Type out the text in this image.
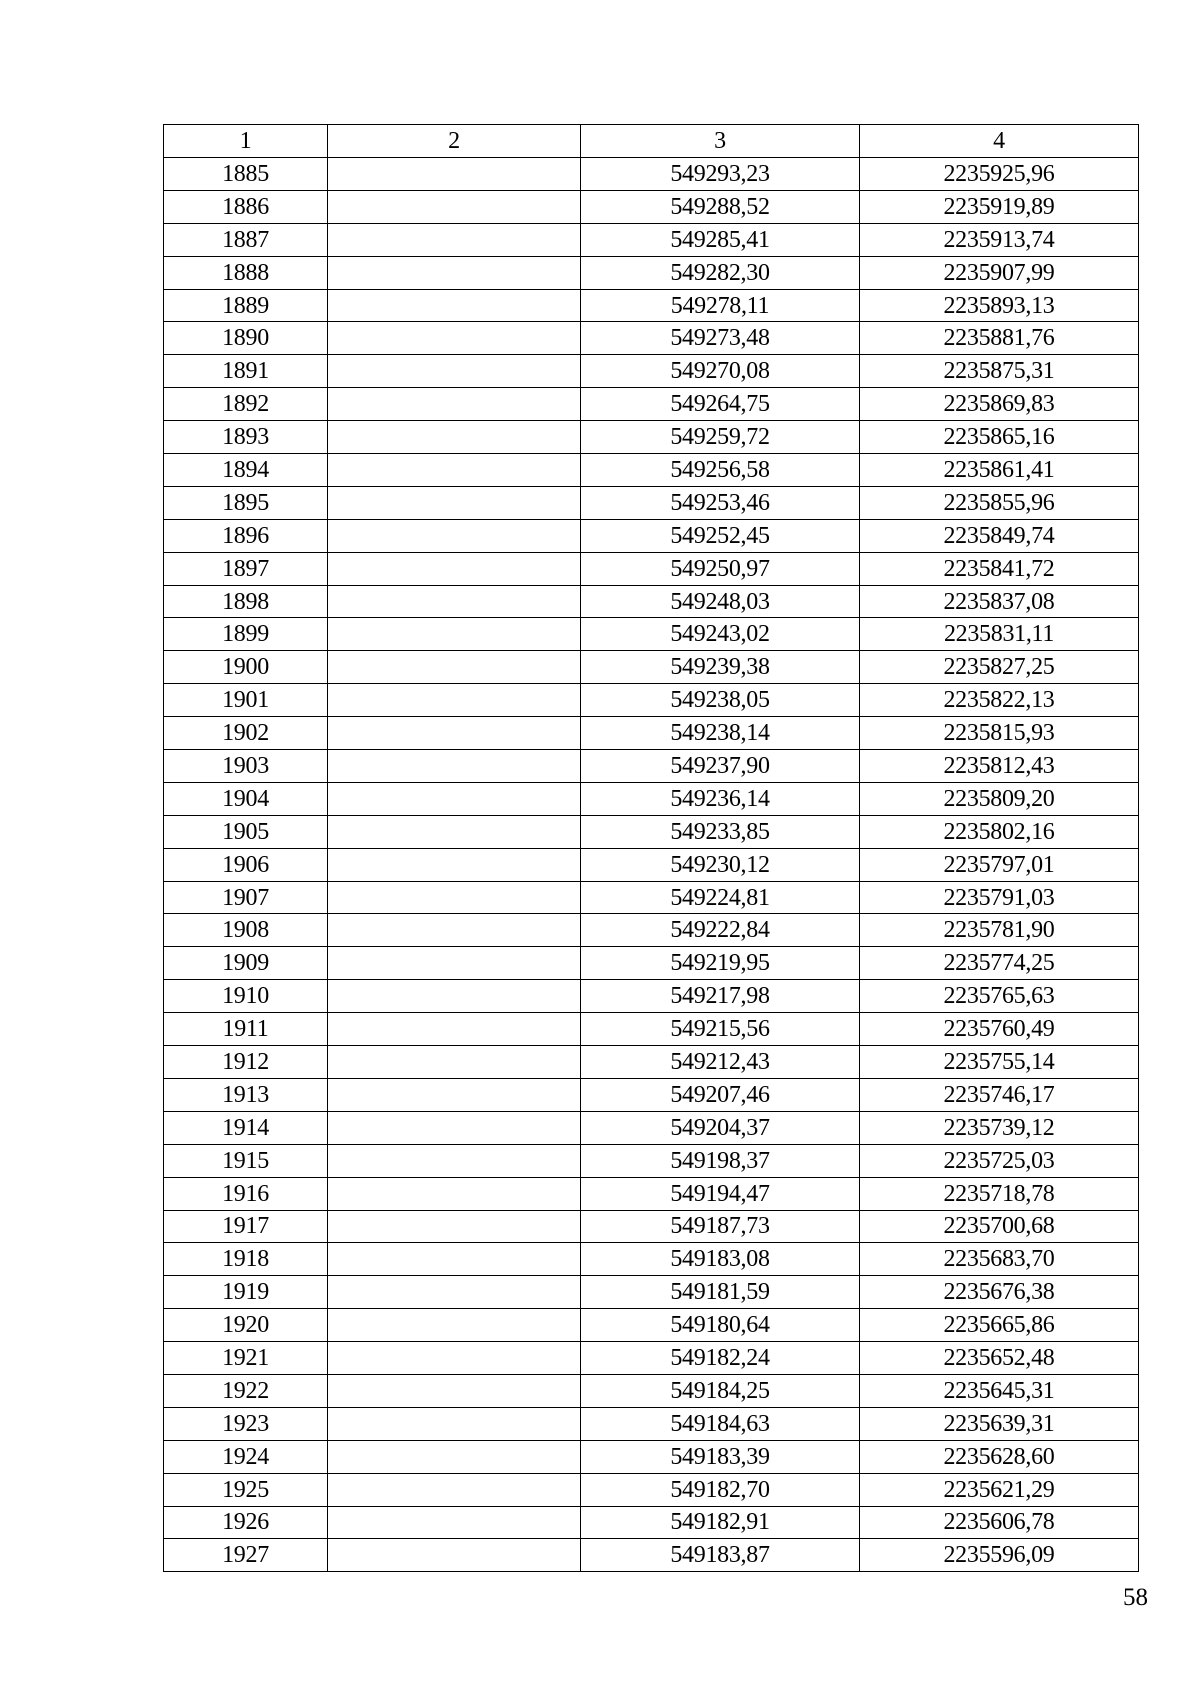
1	2	3	4
1885		549293,23	2235925,96
1886		549288,52	2235919,89
1887		549285,41	2235913,74
1888		549282,30	2235907,99
1889		549278,11	2235893,13
1890		549273,48	2235881,76
1891		549270,08	2235875,31
1892		549264,75	2235869,83
1893		549259,72	2235865,16
1894		549256,58	2235861,41
1895		549253,46	2235855,96
1896		549252,45	2235849,74
1897		549250,97	2235841,72
1898		549248,03	2235837,08
1899		549243,02	2235831,11
1900		549239,38	2235827,25
1901		549238,05	2235822,13
1902		549238,14	2235815,93
1903		549237,90	2235812,43
1904		549236,14	2235809,20
1905		549233,85	2235802,16
1906		549230,12	2235797,01
1907		549224,81	2235791,03
1908		549222,84	2235781,90
1909		549219,95	2235774,25
1910		549217,98	2235765,63
1911		549215,56	2235760,49
1912		549212,43	2235755,14
1913		549207,46	2235746,17
1914		549204,37	2235739,12
1915		549198,37	2235725,03
1916		549194,47	2235718,78
1917		549187,73	2235700,68
1918		549183,08	2235683,70
1919		549181,59	2235676,38
1920		549180,64	2235665,86
1921		549182,24	2235652,48
1922		549184,25	2235645,31
1923		549184,63	2235639,31
1924		549183,39	2235628,60
1925		549182,70	2235621,29
1926		549182,91	2235606,78
1927		549183,87	2235596,09
58
